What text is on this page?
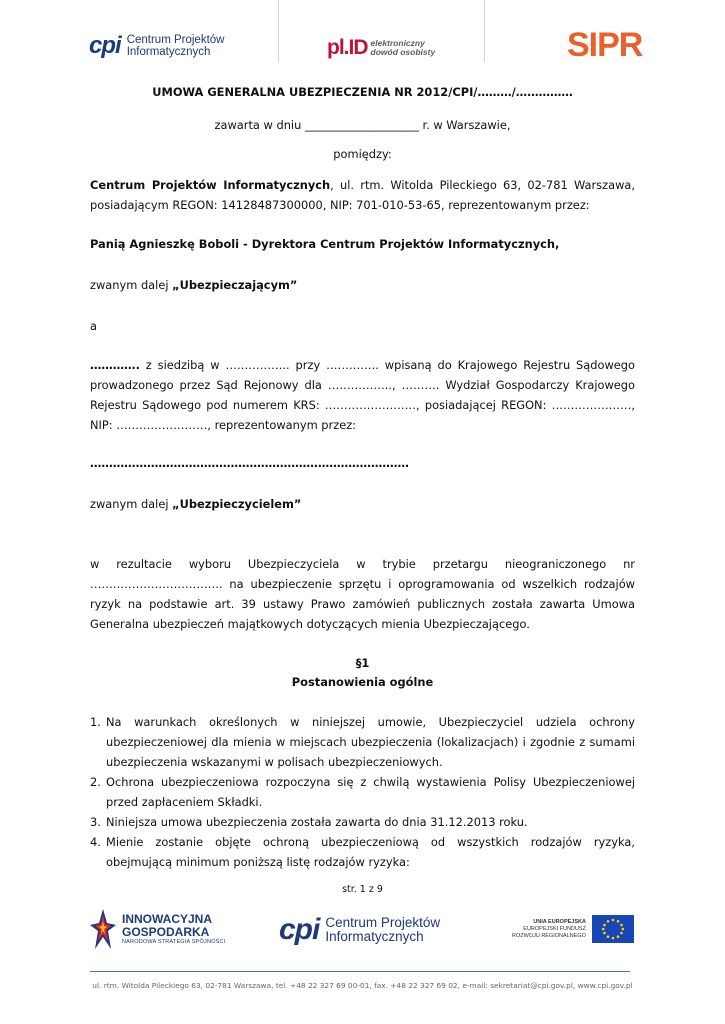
cpi Centrum Projektów
Informatycznych	pl.ID elektroniczny
dowód osobisty	SIPR
UMOWA GENERALNA UBEZPIECZENIA NR 2012/CPI/………/……………
zawarta w dniu ____________________ r. w Warszawie,
pomiędzy:
Centrum Projektów Informatycznych, ul. rtm. Witolda Pileckiego 63, 02-781 Warszawa, posiadającym REGON: 14128487300000, NIP: 701-010-53-65, reprezentowanym przez:
Panią Agnieszkę Boboli - Dyrektora Centrum Projektów Informatycznych,
zwanym dalej „Ubezpieczającym”
a
…………. z siedzibą w …………….. przy ………….. wpisaną do Krajowego Rejestru Sądowego prowadzonego przez Sąd Rejonowy dla …………….., ………. Wydział Gospodarczy Krajowego Rejestru Sądowego pod numerem KRS: ……………………, posiadającej REGON: …………………, NIP: ……………………, reprezentowanym przez:
…………………………………………………………………………
zwanym dalej „Ubezpieczycielem”
w rezultacie wyboru Ubezpieczyciela w trybie przetargu nieograniczonego nr …………………………….. na ubezpieczenie sprzętu i oprogramowania od wszelkich rodzajów ryzyk na podstawie art. 39 ustawy Prawo zamówień publicznych została zawarta Umowa Generalna ubezpieczeń majątkowych dotyczących mienia Ubezpieczającego.
§1
Postanowienia ogólne
1. Na warunkach określonych w niniejszej umowie, Ubezpieczyciel udziela ochrony ubezpieczeniowej dla mienia w miejscach ubezpieczenia (lokalizacjach) i zgodnie z sumami ubezpieczenia wskazanymi w polisach ubezpieczeniowych.
2. Ochrona ubezpieczeniowa rozpoczyna się z chwilą wystawienia Polisy Ubezpieczeniowej przed zapłaceniem Składki.
3. Niniejsza umowa ubezpieczenia została zawarta do dnia 31.12.2013 roku.
4. Mienie zostanie objęte ochroną ubezpieczeniową od wszystkich rodzajów ryzyka, obejmującą minimum poniższą listę rodzajów ryzyka:
str. 1 z 9
INNOWACYJNA
GOSPODARKA
NARODOWA STRATEGIA SPÓJNOŚCI cpi Centrum Projektów
Informatycznych
UNIA EUROPEJSKA
EUROPEJSKI FUNDUSZ
ROZWOJU REGIONALNEGO
ul. rtm. Witolda Pileckiego 63, 02-781 Warszawa, tel. +48 22 327 69 00-01, fax. +48 22 327 69 02, e-mail: sekretariat@cpi.gov.pl, www.cpi.gov.pl
